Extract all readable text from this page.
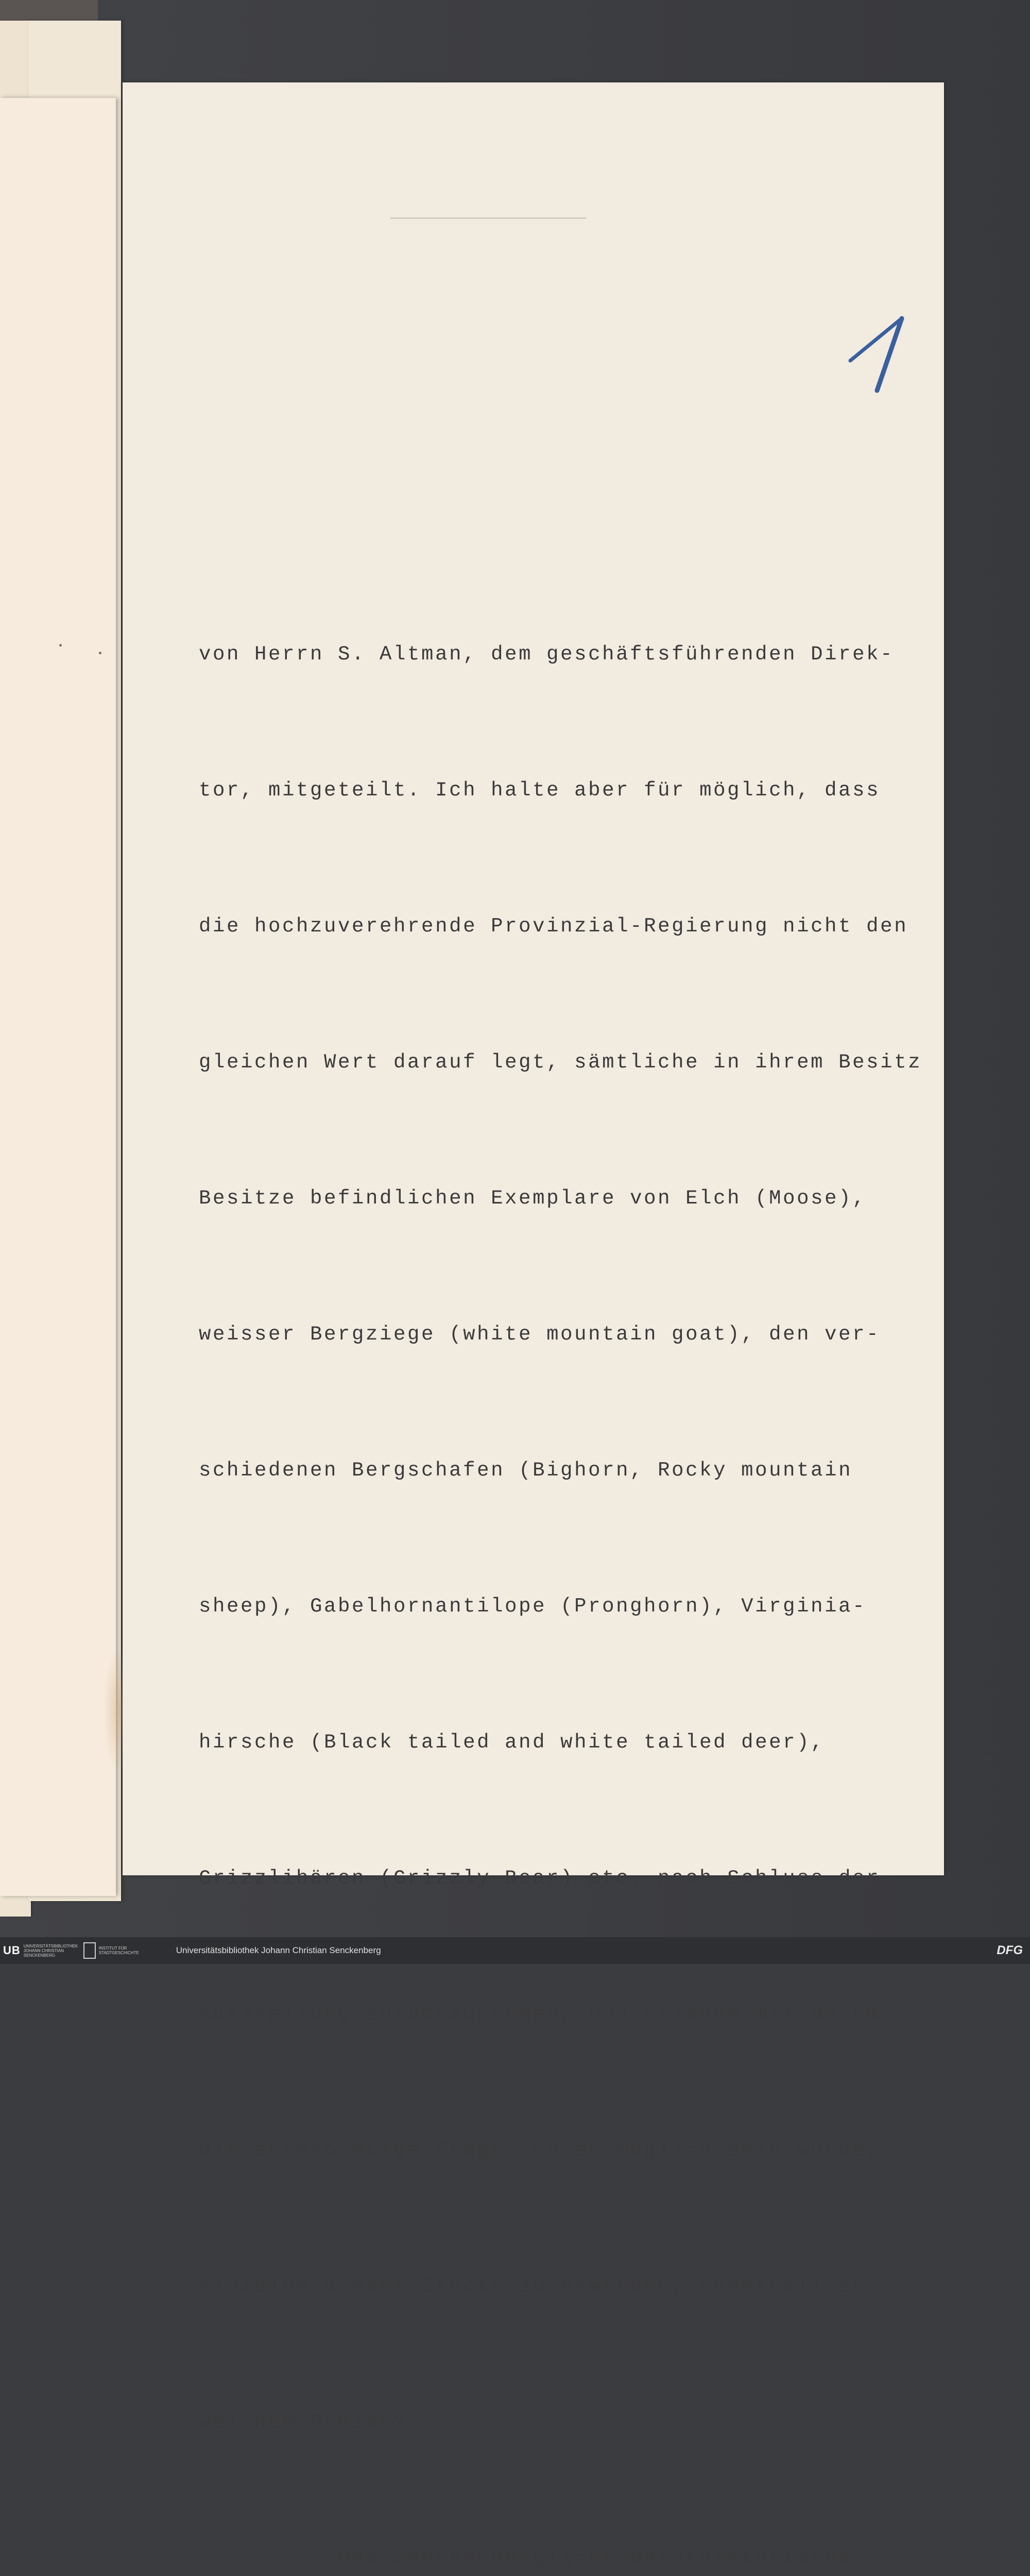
1

von Herrn S. Altman, dem geschäftsführenden Direk-

tor, mitgeteilt. Ich halte aber für möglich, dass

die hochzuverehrende Provinzial-Regierung nicht den

gleichen Wert darauf legt, sämtliche in ihrem Besitz

Besitze befindlichen Exemplare von Elch (Moose),

weisser Bergziege (white mountain goat), den ver-

schiedenen Bergschafen (Bighorn, Rocky mountain

sheep), Gabelhornantilope (Pronghorn), Virginia-

hirsche (Black tailed and white tailed deer),

Grizzlibären (Grizzly-Bear) etc. nach Schluss der

Ausstellung zurückzunehmen, und erlaube mir darum

die ehrerbietige Frage, ob es möglich sein würde,

einzelne dieser Stücke zu erwerben, eventuell zu

welchem Preise?

Das Senckenbergische Naturhistorische

UB UNIVERSITÄTSBIBLIOTHEK JOHANN CHRISTIAN SENCKENBERG
INSTITUT FÜR STADTGESCHICHTE	Universitätsbibliothek Johann Christian Senckenberg	DFG
